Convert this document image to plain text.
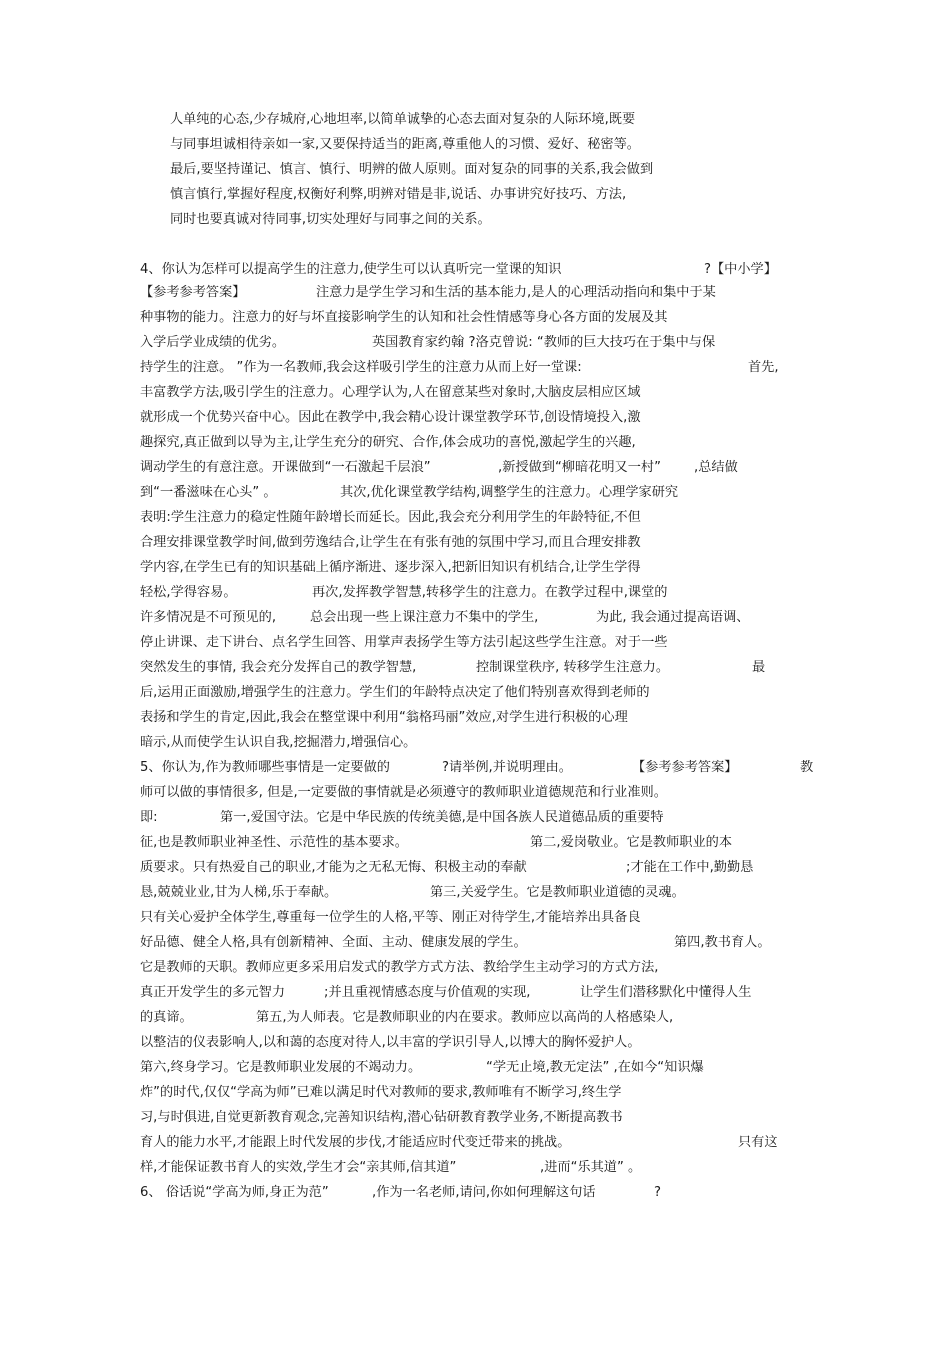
人单纯的心态,少存城府,心地坦率,以简单诚挚的心态去面对复杂的人际环境,既要
与同事坦诚相待亲如一家,又要保持适当的距离,尊重他人的习惯、爱好、秘密等。
最后,要坚持谨记、慎言、慎行、明辨的做人原则。面对复杂的同事的关系,我会做到
慎言慎行,掌握好程度,权衡好利弊,明辨对错是非,说话、办事讲究好技巧、方法,
同时也要真诚对待同事,切实处理好与同事之间的关系。
4、你认为怎样可以提高学生的注意力,使学生可以认真听完一堂课的知识	?【中小学】
【参考参考答案】	注意力是学生学习和生活的基本能力,是人的心理活动指向和集中于某
种事物的能力。注意力的好与坏直接影响学生的认知和社会性情感等身心各方面的发展及其
入学后学业成绩的优劣。	英国教育家约翰 ?洛克曾说: “教师的巨大技巧在于集中与保
持学生的注意。 ”作为一名教师,我会这样吸引学生的注意力从而上好一堂课:	首先,
丰富教学方法,吸引学生的注意力。心理学认为,人在留意某些对象时,大脑皮层相应区域
就形成一个优势兴奋中心。因此在教学中,我会精心设计课堂教学环节,创设情境投入,激
趣探究,真正做到以导为主,让学生充分的研究、合作,体会成功的喜悦,激起学生的兴趣,
调动学生的有意注意。开课做到“一石激起千层浪”	,新授做到“柳暗花明又一村”	,总结做
到“一番滋味在心头” 。	其次,优化课堂教学结构,调整学生的注意力。心理学家研究
表明:学生注意力的稳定性随年龄增长而延长。因此,我会充分利用学生的年龄特征,不但
合理安排课堂教学时间,做到劳逸结合,让学生在有张有弛的氛围中学习,而且合理安排教
学内容,在学生已有的知识基础上循序渐进、逐步深入,把新旧知识有机结合,让学生学得
轻松,学得容易。	再次,发挥教学智慧,转移学生的注意力。在教学过程中,课堂的
许多情况是不可预见的,	总会出现一些上课注意力不集中的学生,	为此, 我会通过提高语调、
停止讲课、走下讲台、点名学生回答、用掌声表扬学生等方法引起这些学生注意。对于一些
突然发生的事情, 我会充分发挥自己的教学智慧,	控制课堂秩序, 转移学生注意力。	最
后,运用正面激励,增强学生的注意力。学生们的年龄特点决定了他们特别喜欢得到老师的
表扬和学生的肯定,因此,我会在整堂课中利用“翁格玛丽”效应,对学生进行积极的心理
暗示,从而使学生认识自我,挖掘潜力,增强信心。
5、你认为,作为教师哪些事情是一定要做的	?请举例,并说明理由。	【参考参考答案】	教
师可以做的事情很多, 但是,一定要做的事情就是必须遵守的教师职业道德规范和行业准则。
即:	第一,爱国守法。它是中华民族的传统美德,是中国各族人民道德品质的重要特
征,也是教师职业神圣性、示范性的基本要求。	第二,爱岗敬业。它是教师职业的本
质要求。只有热爱自己的职业,才能为之无私无悔、积极主动的奉献	;才能在工作中,勤勤恳
恳,兢兢业业,甘为人梯,乐于奉献。	第三,关爱学生。它是教师职业道德的灵魂。
只有关心爱护全体学生,尊重每一位学生的人格,平等、刚正对待学生,才能培养出具备良
好品德、健全人格,具有创新精神、全面、主动、健康发展的学生。	第四,教书育人。
它是教师的天职。教师应更多采用启发式的教学方式方法、教给学生主动学习的方式方法,
真正开发学生的多元智力	;并且重视情感态度与价值观的实现,	让学生们潜移默化中懂得人生
的真谛。	第五,为人师表。它是教师职业的内在要求。教师应以高尚的人格感染人,
以整洁的仪表影响人,以和蔼的态度对待人,以丰富的学识引导人,以博大的胸怀爱护人。
第六,终身学习。它是教师职业发展的不竭动力。	“学无止境,教无定法” ,在如今“知识爆
炸”的时代,仅仅“学高为师”已难以满足时代对教师的要求,教师唯有不断学习,终生学
习,与时俱进,自觉更新教育观念,完善知识结构,潜心钻研教育教学业务,不断提高教书
育人的能力水平,才能跟上时代发展的步伐,才能适应时代变迁带来的挑战。	只有这
样,才能保证教书育人的实效,学生才会“亲其师,信其道”	,进而“乐其道” 。
6、 俗话说“学高为师,身正为范”	,作为一名老师,请问,你如何理解这句话	?
